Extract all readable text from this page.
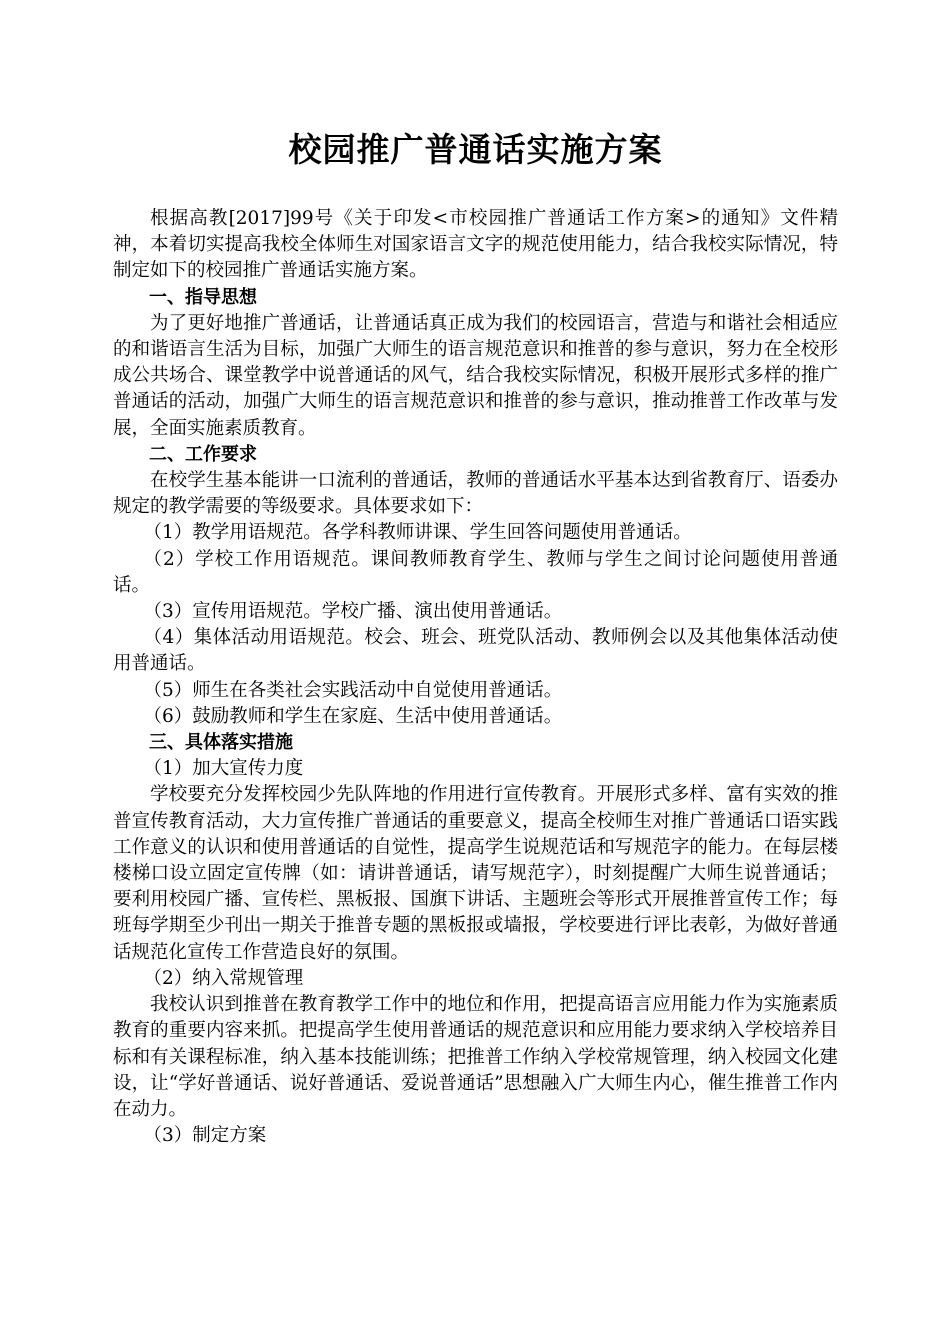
校园推广普通话实施方案

根据高教[2017]99号《关于印发<市校园推广普通话工作方案>的通知》文件精神，本着切实提高我校全体师生对国家语言文字的规范使用能力，结合我校实际情况，特制定如下的校园推广普通话实施方案。

一、指导思想

为了更好地推广普通话，让普通话真正成为我们的校园语言，营造与和谐社会相适应的和谐语言生活为目标，加强广大师生的语言规范意识和推普的参与意识，努力在全校形成公共场合、课堂教学中说普通话的风气，结合我校实际情况，积极开展形式多样的推广普通话的活动，加强广大师生的语言规范意识和推普的参与意识，推动推普工作改革与发展，全面实施素质教育。

二、工作要求

在校学生基本能讲一口流利的普通话，教师的普通话水平基本达到省教育厅、语委办规定的教学需要的等级要求。具体要求如下：

（1）教学用语规范。各学科教师讲课、学生回答问题使用普通话。

（2）学校工作用语规范。课间教师教育学生、教师与学生之间讨论问题使用普通话。

（3）宣传用语规范。学校广播、演出使用普通话。

（4）集体活动用语规范。校会、班会、班党队活动、教师例会以及其他集体活动使用普通话。

（5）师生在各类社会实践活动中自觉使用普通话。

（6）鼓励教师和学生在家庭、生活中使用普通话。

三、具体落实措施

（1）加大宣传力度

学校要充分发挥校园少先队阵地的作用进行宣传教育。开展形式多样、富有实效的推普宣传教育活动，大力宣传推广普通话的重要意义，提高全校师生对推广普通话口语实践工作意义的认识和使用普通话的自觉性，提高学生说规范话和写规范字的能力。在每层楼楼梯口设立固定宣传牌（如：请讲普通话，请写规范字），时刻提醒广大师生说普通话；要利用校园广播、宣传栏、黑板报、国旗下讲话、主题班会等形式开展推普宣传工作；每班每学期至少刊出一期关于推普专题的黑板报或墙报，学校要进行评比表彰，为做好普通话规范化宣传工作营造良好的氛围。

（2）纳入常规管理

我校认识到推普在教育教学工作中的地位和作用，把提高语言应用能力作为实施素质教育的重要内容来抓。把提高学生使用普通话的规范意识和应用能力要求纳入学校培养目标和有关课程标准，纳入基本技能训练；把推普工作纳入学校常规管理，纳入校园文化建设，让“学好普通话、说好普通话、爱说普通话”思想融入广大师生内心，催生推普工作内在动力。

（3）制定方案
